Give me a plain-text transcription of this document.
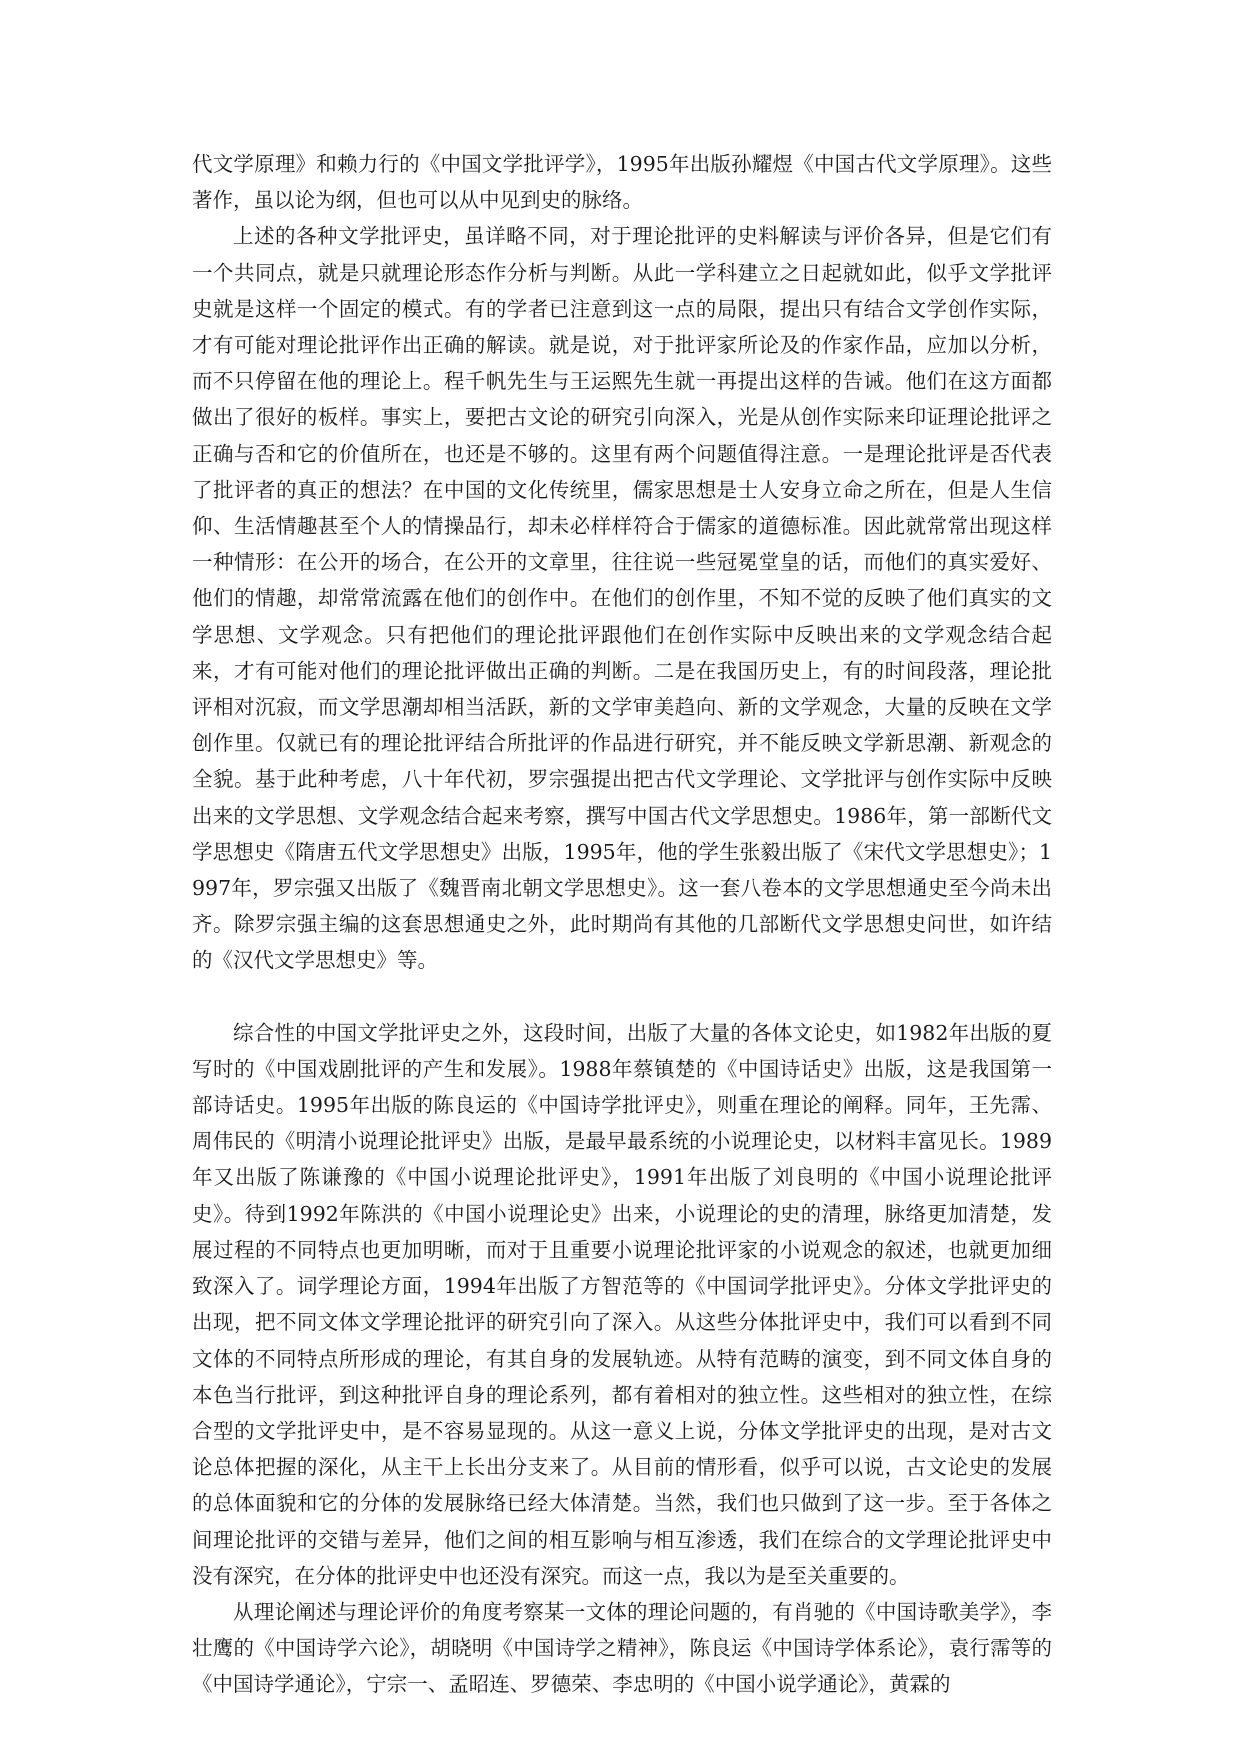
代文学原理》和赖力行的《中国文学批评学》，1995年出版孙耀煜《中国古代文学原理》。这些著作，虽以论为纲，但也可以从中见到史的脉络。

上述的各种文学批评史，虽详略不同，对于理论批评的史料解读与评价各异，但是它们有一个共同点，就是只就理论形态作分析与判断。从此一学科建立之日起就如此，似乎文学批评史就是这样一个固定的模式。有的学者已注意到这一点的局限，提出只有结合文学创作实际，才有可能对理论批评作出正确的解读。就是说，对于批评家所论及的作家作品，应加以分析，而不只停留在他的理论上。程千帆先生与王运熙先生就一再提出这样的告诫。他们在这方面都做出了很好的板样。事实上，要把古文论的研究引向深入，光是从创作实际来印证理论批评之正确与否和它的价值所在，也还是不够的。这里有两个问题值得注意。一是理论批评是否代表了批评者的真正的想法？在中国的文化传统里，儒家思想是士人安身立命之所在，但是人生信仰、生活情趣甚至个人的情操品行，却未必样样符合于儒家的道德标准。因此就常常出现这样一种情形：在公开的场合，在公开的文章里，往往说一些冠冕堂皇的话，而他们的真实爱好、他们的情趣，却常常流露在他们的创作中。在他们的创作里，不知不觉的反映了他们真实的文学思想、文学观念。只有把他们的理论批评跟他们在创作实际中反映出来的文学观念结合起来，才有可能对他们的理论批评做出正确的判断。二是在我国历史上，有的时间段落，理论批评相对沉寂，而文学思潮却相当活跃，新的文学审美趋向、新的文学观念，大量的反映在文学创作里。仅就已有的理论批评结合所批评的作品进行研究，并不能反映文学新思潮、新观念的全貌。基于此种考虑，八十年代初，罗宗强提出把古代文学理论、文学批评与创作实际中反映出来的文学思想、文学观念结合起来考察，撰写中国古代文学思想史。1986年，第一部断代文学思想史《隋唐五代文学思想史》出版，1995年，他的学生张毅出版了《宋代文学思想史》；1997年，罗宗强又出版了《魏晋南北朝文学思想史》。这一套八卷本的文学思想通史至今尚未出齐。除罗宗强主编的这套思想通史之外，此时期尚有其他的几部断代文学思想史问世，如许结的《汉代文学思想史》等。

综合性的中国文学批评史之外，这段时间，出版了大量的各体文论史，如1982年出版的夏写时的《中国戏剧批评的产生和发展》。1988年蔡镇楚的《中国诗话史》出版，这是我国第一部诗话史。1995年出版的陈良运的《中国诗学批评史》，则重在理论的阐释。同年，王先霈、周伟民的《明清小说理论批评史》出版，是最早最系统的小说理论史，以材料丰富见长。1989年又出版了陈谦豫的《中国小说理论批评史》，1991年出版了刘良明的《中国小说理论批评史》。待到1992年陈洪的《中国小说理论史》出来，小说理论的史的清理，脉络更加清楚，发展过程的不同特点也更加明晰，而对于且重要小说理论批评家的小说观念的叙述，也就更加细致深入了。词学理论方面，1994年出版了方智范等的《中国词学批评史》。分体文学批评史的出现，把不同文体文学理论批评的研究引向了深入。从这些分体批评史中，我们可以看到不同文体的不同特点所形成的理论，有其自身的发展轨迹。从特有范畴的演变，到不同文体自身的本色当行批评，到这种批评自身的理论系列，都有着相对的独立性。这些相对的独立性，在综合型的文学批评史中，是不容易显现的。从这一意义上说，分体文学批评史的出现，是对古文论总体把握的深化，从主干上长出分支来了。从目前的情形看，似乎可以说，古文论史的发展的总体面貌和它的分体的发展脉络已经大体清楚。当然，我们也只做到了这一步。至于各体之间理论批评的交错与差异，他们之间的相互影响与相互渗透，我们在综合的文学理论批评史中没有深究，在分体的批评史中也还没有深究。而这一点，我以为是至关重要的。

从理论阐述与理论评价的角度考察某一文体的理论问题的，有肖驰的《中国诗歌美学》，李壮鹰的《中国诗学六论》，胡晓明《中国诗学之精神》，陈良运《中国诗学体系论》，袁行霈等的《中国诗学通论》，宁宗一、孟昭连、罗德荣、李忠明的《中国小说学通论》，黄霖的
